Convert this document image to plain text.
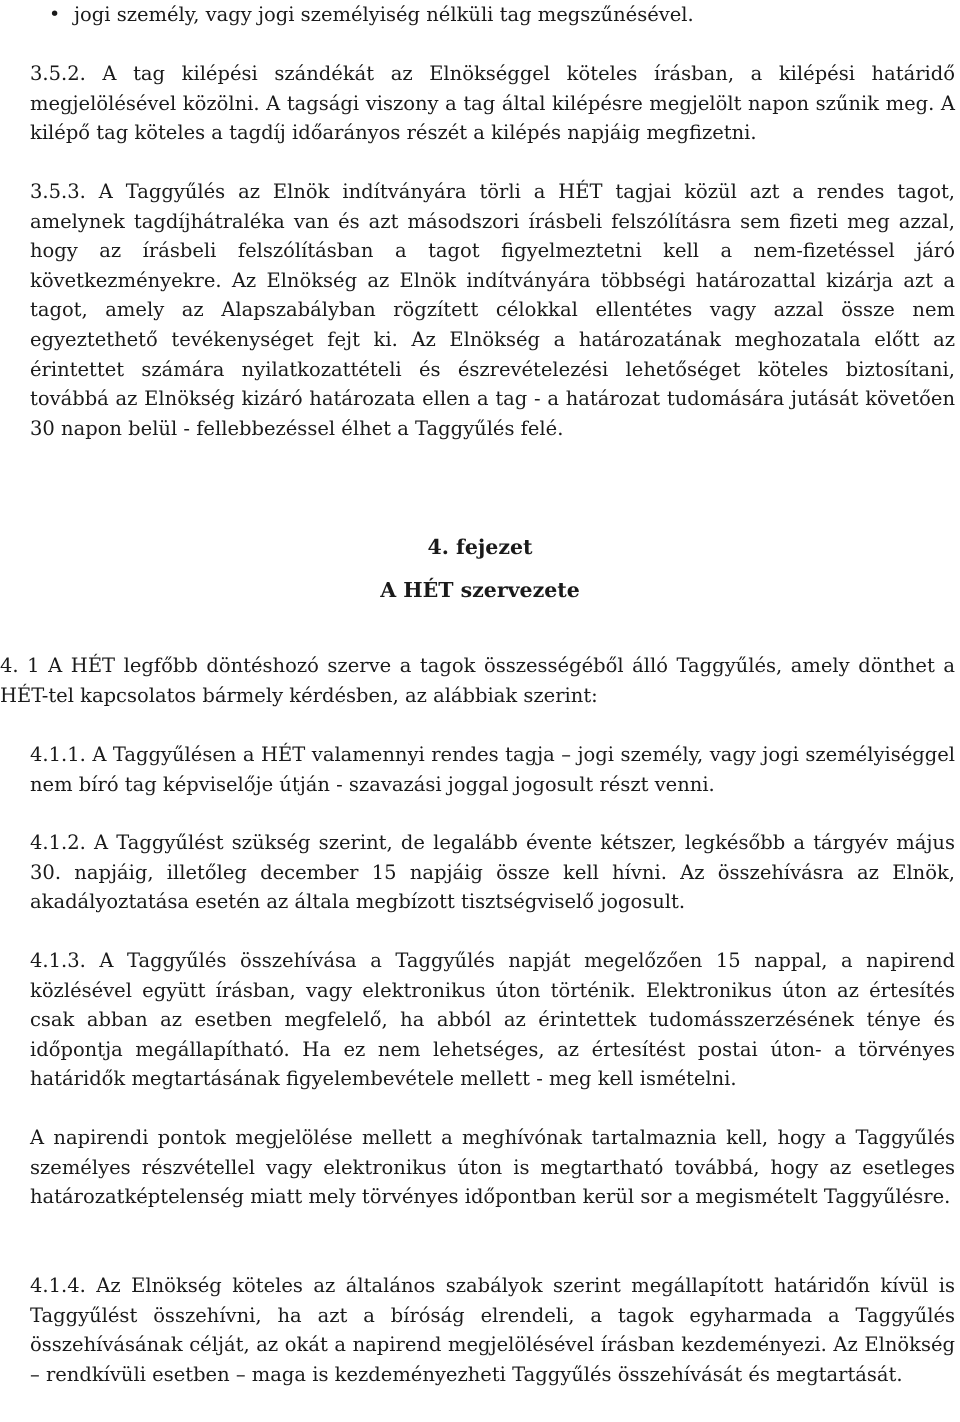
• jogi személy, vagy jogi személyiség nélküli tag megszűnésével.

3.5.2. A tag kilépési szándékát az Elnökséggel köteles írásban, a kilépési határidő megjelölésével közölni. A tagsági viszony a tag által kilépésre megjelölt napon szűnik meg. A kilépő tag köteles a tagdíj időarányos részét a kilépés napjáig megfizetni.

3.5.3. A Taggyűlés az Elnök indítványára törli a HÉT tagjai közül azt a rendes tagot, amelynek tagdíjhátraléka van és azt másodszori írásbeli felszólításra sem fizeti meg azzal, hogy az írásbeli felszólításban a tagot figyelmeztetni kell a nem-fizetéssel járó következményekre. Az Elnökség az Elnök indítványára többségi határozattal kizárja azt a tagot, amely az Alapszabályban rögzített célokkal ellentétes vagy azzal össze nem egyeztethető tevékenységet fejt ki. Az Elnökség a határozatának meghozatala előtt az érintettet számára nyilatkozattételi és észrevételezési lehetőséget köteles biztosítani, továbbá az Elnökség kizáró határozata ellen a tag - a határozat tudomására jutását követően 30 napon belül - fellebbezéssel élhet a Taggyűlés felé.

4. fejezet

A HÉT szervezete

4. 1 A HÉT legfőbb döntéshozó szerve a tagok összességéből álló Taggyűlés, amely dönthet a HÉT-tel kapcsolatos bármely kérdésben, az alábbiak szerint:

4.1.1. A Taggyűlésen a HÉT valamennyi rendes tagja – jogi személy, vagy jogi személyiséggel nem bíró tag képviselője útján - szavazási joggal jogosult részt venni.

4.1.2. A Taggyűlést szükség szerint, de legalább évente kétszer, legkésőbb a tárgyév május 30. napjáig, illetőleg december 15 napjáig össze kell hívni. Az összehívásra az Elnök, akadályoztatása esetén az általa megbízott tisztségviselő jogosult.

4.1.3. A Taggyűlés összehívása a Taggyűlés napját megelőzően 15 nappal, a napirend közlésével együtt írásban, vagy elektronikus úton történik. Elektronikus úton az értesítés csak abban az esetben megfelelő, ha abból az érintettek tudomásszerzésének ténye és időpontja megállapítható. Ha ez nem lehetséges, az értesítést postai úton- a törvényes határidők megtartásának figyelembevétele mellett - meg kell ismételni.

A napirendi pontok megjelölése mellett a meghívónak tartalmaznia kell, hogy a Taggyűlés személyes részvétellel vagy elektronikus úton is megtartható továbbá, hogy az esetleges határozatképtelenség miatt mely törvényes időpontban kerül sor a megismételt Taggyűlésre.

4.1.4. Az Elnökség köteles az általános szabályok szerint megállapított határidőn kívül is Taggyűlést összehívni, ha azt a bíróság elrendeli, a tagok egyharmada a Taggyűlés összehívásának célját, az okát a napirend megjelölésével írásban kezdeményezi. Az Elnökség – rendkívüli esetben – maga is kezdeményezheti Taggyűlés összehívását és megtartását.
